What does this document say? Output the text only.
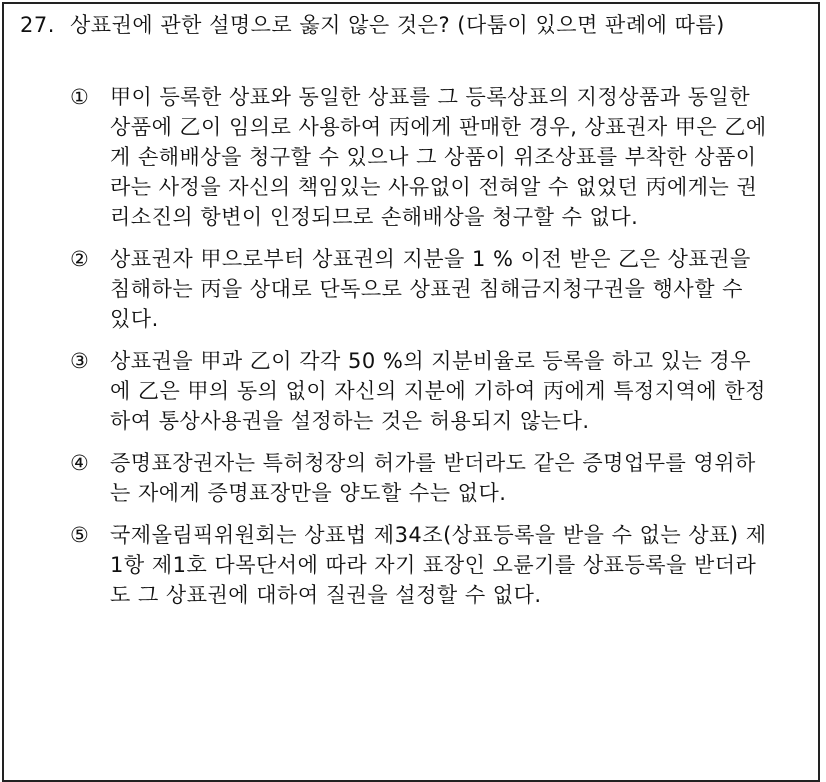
27. 상표권에 관한 설명으로 옳지 않은 것은? (다툼이 있으면 판례에 따름)
① 甲이 등록한 상표와 동일한 상표를 그 등록상표의 지정상품과 동일한 상품에 乙이 임의로 사용하여 丙에게 판매한 경우, 상표권자 甲은 乙에게 손해배상을 청구할 수 있으나 그 상품이 위조상표를 부착한 상품이라는 사정을 자신의 책임있는 사유없이 전혀알 수 없었던 丙에게는 권리소진의 항변이 인정되므로 손해배상을 청구할 수 없다.
② 상표권자 甲으로부터 상표권의 지분을 1 % 이전 받은 乙은 상표권을 침해하는 丙을 상대로 단독으로 상표권 침해금지청구권을 행사할 수 있다.
③ 상표권을 甲과 乙이 각각 50 %의 지분비율로 등록을 하고 있는 경우에 乙은 甲의 동의 없이 자신의 지분에 기하여 丙에게 특정지역에 한정하여 통상사용권을 설정하는 것은 허용되지 않는다.
④ 증명표장권자는 특허청장의 허가를 받더라도 같은 증명업무를 영위하는 자에게 증명표장만을 양도할 수는 없다.
⑤ 국제올림픽위원회는 상표법 제34조(상표등록을 받을 수 없는 상표) 제1항 제1호 다목단서에 따라 자기 표장인 오륜기를 상표등록을 받더라도 그 상표권에 대하여 질권을 설정할 수 없다.
